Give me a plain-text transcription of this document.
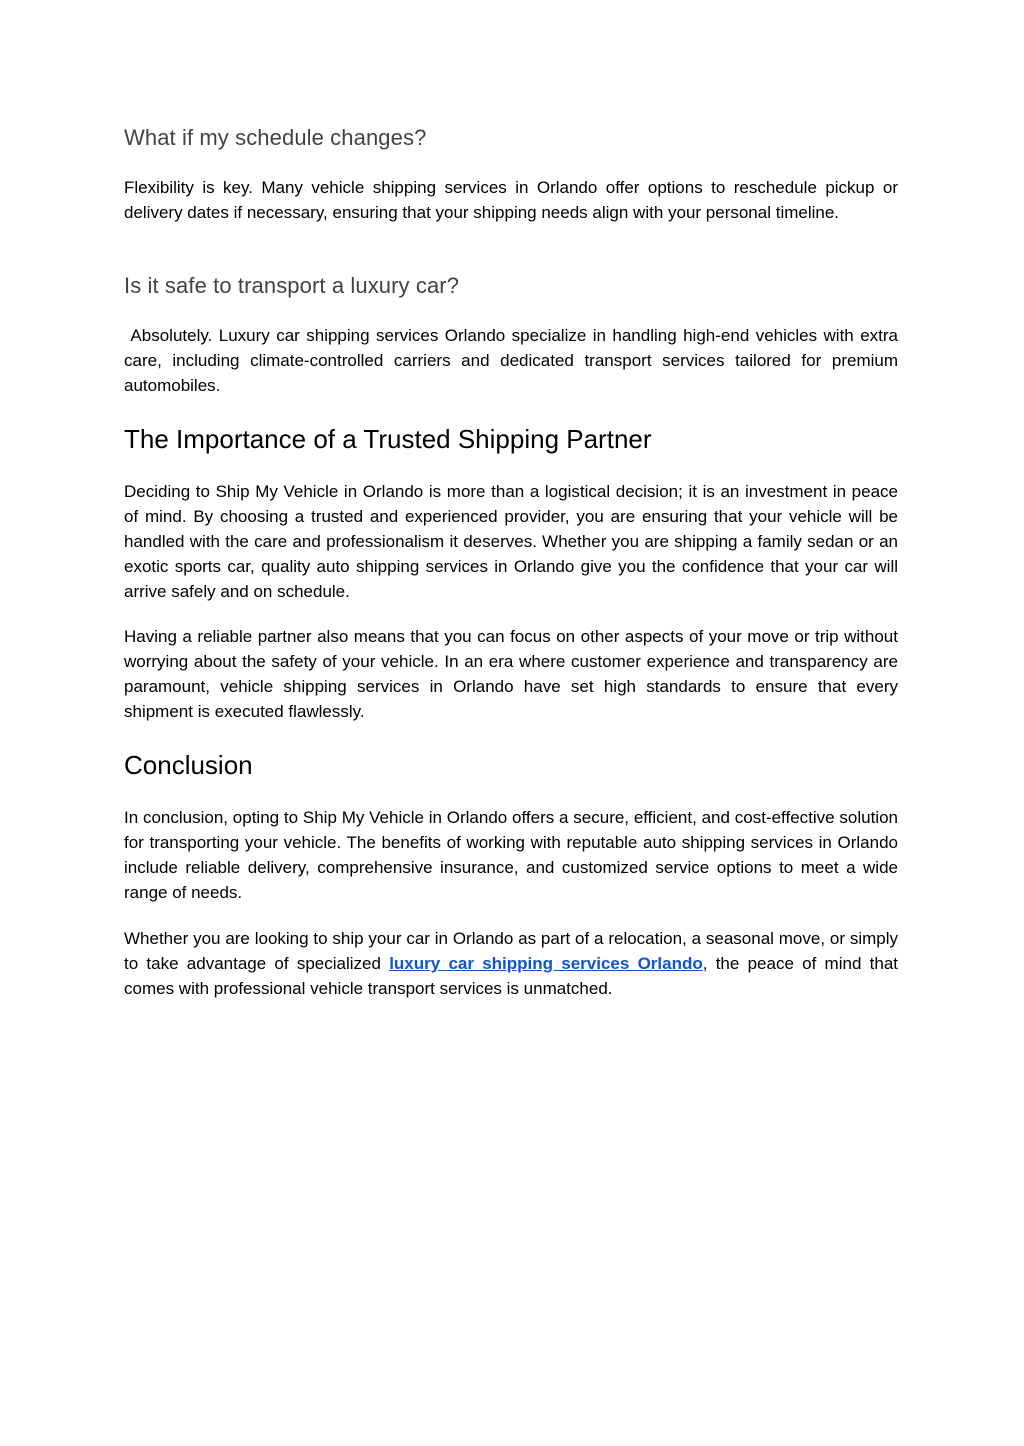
What if my schedule changes?

Flexibility is key. Many vehicle shipping services in Orlando offer options to reschedule pickup or delivery dates if necessary, ensuring that your shipping needs align with your personal timeline.

Is it safe to transport a luxury car?

Absolutely. Luxury car shipping services Orlando specialize in handling high-end vehicles with extra care, including climate-controlled carriers and dedicated transport services tailored for premium automobiles.

The Importance of a Trusted Shipping Partner

Deciding to Ship My Vehicle in Orlando is more than a logistical decision; it is an investment in peace of mind. By choosing a trusted and experienced provider, you are ensuring that your vehicle will be handled with the care and professionalism it deserves. Whether you are shipping a family sedan or an exotic sports car, quality auto shipping services in Orlando give you the confidence that your car will arrive safely and on schedule.

Having a reliable partner also means that you can focus on other aspects of your move or trip without worrying about the safety of your vehicle. In an era where customer experience and transparency are paramount, vehicle shipping services in Orlando have set high standards to ensure that every shipment is executed flawlessly.

Conclusion

In conclusion, opting to Ship My Vehicle in Orlando offers a secure, efficient, and cost-effective solution for transporting your vehicle. The benefits of working with reputable auto shipping services in Orlando include reliable delivery, comprehensive insurance, and customized service options to meet a wide range of needs.

Whether you are looking to ship your car in Orlando as part of a relocation, a seasonal move, or simply to take advantage of specialized luxury car shipping services Orlando, the peace of mind that comes with professional vehicle transport services is unmatched.
